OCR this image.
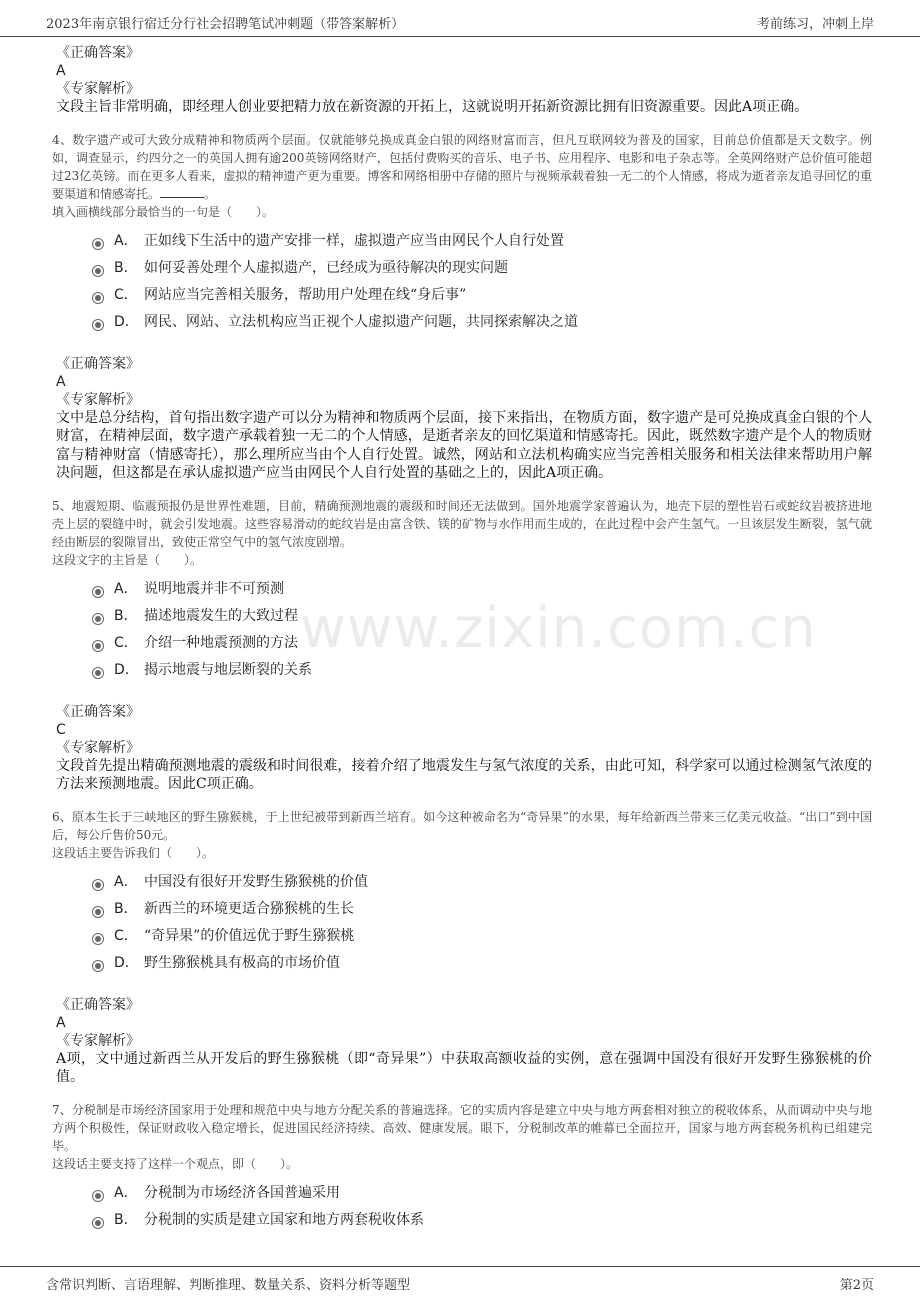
2023年南京银行宿迁分行社会招聘笔试冲刺题（带答案解析）	考前练习，冲刺上岸
www.zixin.com.cn
《正确答案》
A
《专家解析》
文段主旨非常明确，即经理人创业要把精力放在新资源的开拓上，这就说明开拓新资源比拥有旧资源重要。因此A项正确。
4、数字遗产或可大致分成精神和物质两个层面。仅就能够兑换成真金白银的网络财富而言，但凡互联网较为普及的国家，目前总价值都是天文数字。例如，调查显示，约四分之一的英国人拥有逾200英镑网络财产，包括付费购买的音乐、电子书、应用程序、电影和电子杂志等。全英网络财产总价值可能超过23亿英镑。而在更多人看来，虚拟的精神遗产更为重要。博客和网络相册中存储的照片与视频承载着独一无二的个人情感，将成为逝者亲友追寻回忆的重要渠道和情感寄托。	。
填入画横线部分最恰当的一句是（　　）。
A． 正如线下生活中的遗产安排一样，虚拟遗产应当由网民个人自行处置
B． 如何妥善处理个人虚拟遗产，已经成为亟待解决的现实问题
C． 网站应当完善相关服务，帮助用户处理在线“身后事”
D． 网民、网站、立法机构应当正视个人虚拟遗产问题，共同探索解决之道
《正确答案》
A
《专家解析》
文中是总分结构，首句指出数字遗产可以分为精神和物质两个层面，接下来指出，在物质方面，数字遗产是可兑换成真金白银的个人财富，在精神层面，数字遗产承载着独一无二的个人情感，是逝者亲友的回忆渠道和情感寄托。因此，既然数字遗产是个人的物质财富与精神财富（情感寄托），那么理所应当由个人自行处置。诚然，网站和立法机构确实应当完善相关服务和相关法律来帮助用户解决问题，但这都是在承认虚拟遗产应当由网民个人自行处置的基础之上的，因此A项正确。
5、地震短期、临震预报仍是世界性难题，目前，精确预测地震的震级和时间还无法做到。国外地震学家普遍认为，地壳下层的塑性岩石或蛇纹岩被挤进地壳上层的裂缝中时，就会引发地震。这些容易滑动的蛇纹岩是由富含铁、镁的矿物与水作用而生成的，在此过程中会产生氢气。一旦该层发生断裂，氢气就经由断层的裂隙冒出，致使正常空气中的氢气浓度剧增。
这段文字的主旨是（　　）。
A． 说明地震并非不可预测
B． 描述地震发生的大致过程
C． 介绍一种地震预测的方法
D． 揭示地震与地层断裂的关系
《正确答案》
C
《专家解析》
文段首先提出精确预测地震的震级和时间很难，接着介绍了地震发生与氢气浓度的关系，由此可知，科学家可以通过检测氢气浓度的方法来预测地震。因此C项正确。
6、原本生长于三峡地区的野生猕猴桃，于上世纪被带到新西兰培育。如今这种被命名为“奇异果”的水果，每年给新西兰带来三亿美元收益。“出口”到中国后，每公斤售价50元。
这段话主要告诉我们（　　）。
A． 中国没有很好开发野生猕猴桃的价值
B． 新西兰的环境更适合猕猴桃的生长
C． “奇异果”的价值远优于野生猕猴桃
D． 野生猕猴桃具有极高的市场价值
《正确答案》
A
《专家解析》
A项，文中通过新西兰从开发后的野生猕猴桃（即“奇异果”）中获取高额收益的实例，意在强调中国没有很好开发野生猕猴桃的价值。
7、分税制是市场经济国家用于处理和规范中央与地方分配关系的普遍选择。它的实质内容是建立中央与地方两套相对独立的税收体系，从而调动中央与地方两个积极性，保证财政收入稳定增长，促进国民经济持续、高效、健康发展。眼下，分税制改革的帷幕已全面拉开，国家与地方两套税务机构已组建完毕。
这段话主要支持了这样一个观点，即（　　）。
A． 分税制为市场经济各国普遍采用
B． 分税制的实质是建立国家和地方两套税收体系
含常识判断、言语理解、判断推理、数量关系、资料分析等题型	第2页
